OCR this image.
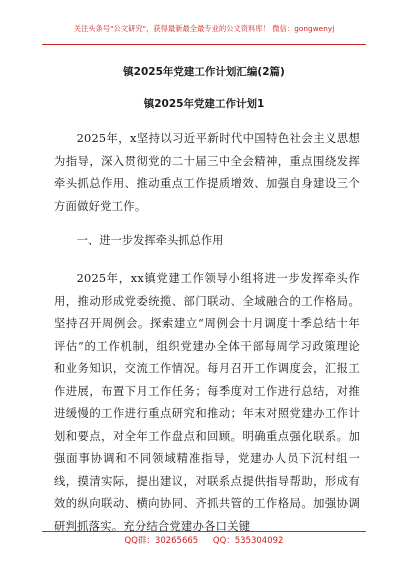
关注头条号"公文研究"，获得最新最全最专业的公文资料库！ 微信：gongwenyj
镇2025年党建工作计划汇编(2篇)
镇2025年党建工作计划1
2025年，x坚持以习近平新时代中国特色社会主义思想为指导，深入贯彻党的二十届三中全会精神，重点围绕发挥牵头抓总作用、推动重点工作提质增效、加强自身建设三个方面做好党工作。
一、进一步发挥牵头抓总作用
2025年，xx镇党建工作领导小组将进一步发挥牵头作用，推动形成党委统揽、部门联动、全域融合的工作格局。坚持召开周例会。探索建立“周例会十月调度十季总结十年评估”的工作机制，组织党建办全体干部每周学习政策理论和业务知识，交流工作情况。每月召开工作调度会，汇报工作进展，布置下月工作任务；每季度对工作进行总结，对推进缓慢的工作进行重点研究和推动；年末对照党建办工作计划和要点，对全年工作盘点和回顾。明确重点强化联系。加强面事协调和不同领域精准指导，党建办人员下沉村组一线，摸清实际，提出建议，对联系点提供指导帮助，形成有效的纵向联动、横向协同、齐抓共管的工作格局。加强协调研判抓落实。充分结合党建办各口关键
QQ群：30265665 QQ：535304092
